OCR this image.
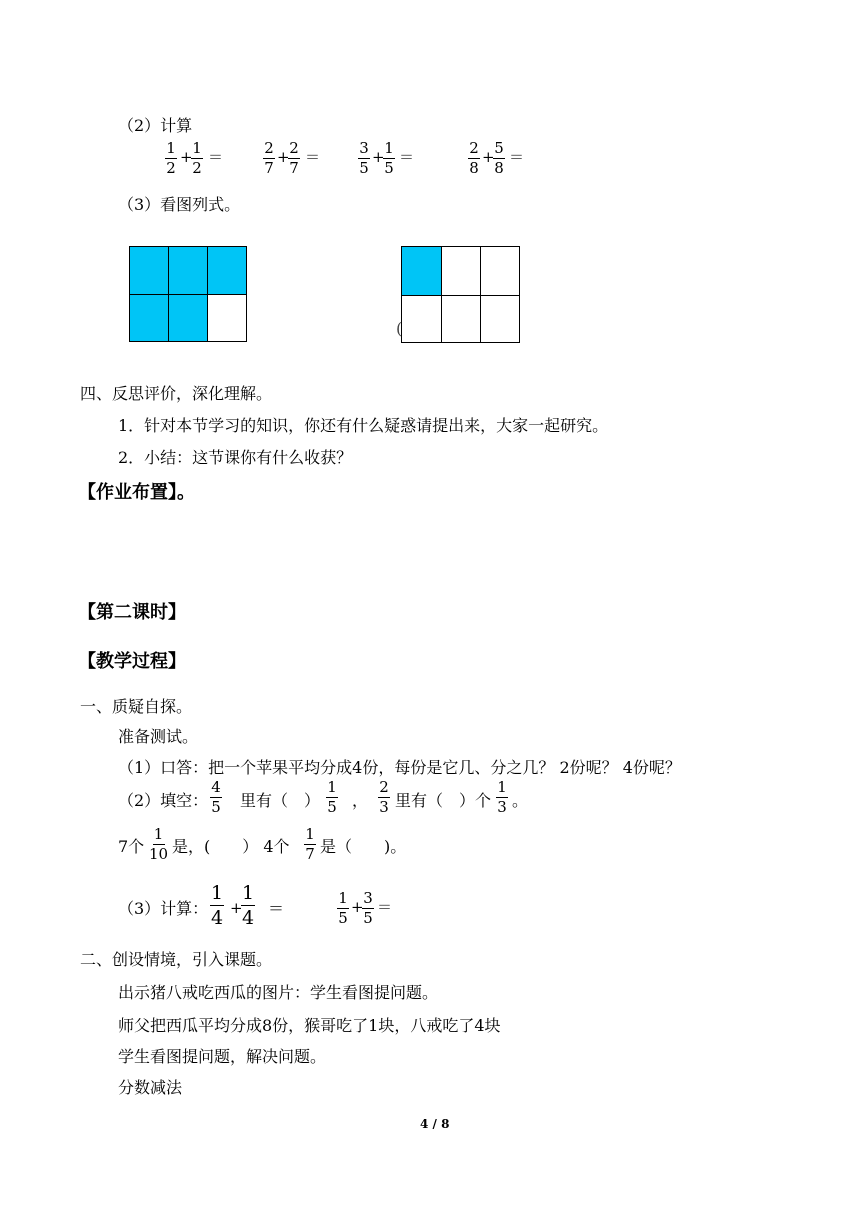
（2）计算
$\frac{1}{2}$ +
$\frac{1}{2}$ ＝	$\frac{2}{7}$ +
$\frac{2}{7}$ ＝	$\frac{3}{5}$ +
$\frac{1}{5}$ ＝	$\frac{2}{8}$ +
$\frac{5}{8}$ ＝
（3）看图列式。
(
四、反思评价，深化理解。
1．针对本节学习的知识，你还有什么疑惑请提出来，大家一起研究。
2．小结：这节课你有什么收获？
【作业布置】。
【第二课时】
【教学过程】
一、质疑自探。
准备测试。
（1）口答：把一个苹果平均分成4份，每份是它几、分之几？ 2份呢？ 4份呢？
（2）填空： $\frac{4}{5}$ 里有（　） $\frac{1}{5}$ ， $\frac{2}{3}$ 里有（　）个 $\frac{1}{3}$ 。
7个 $\frac{1}{10}$ 是，(　　） 4个 $\frac{1}{7}$ 是（　　)。
（3）计算： $\frac{1}{4}$ +
$\frac{1}{4}$ ＝	$\frac{1}{5}$ +
$\frac{3}{5}$ ＝
二、创设情境，引入课题。
出示猪八戒吃西瓜的图片：学生看图提问题。
师父把西瓜平均分成8份，猴哥吃了1块，八戒吃了4块
学生看图提问题，解决问题。
分数减法
4 / 8
